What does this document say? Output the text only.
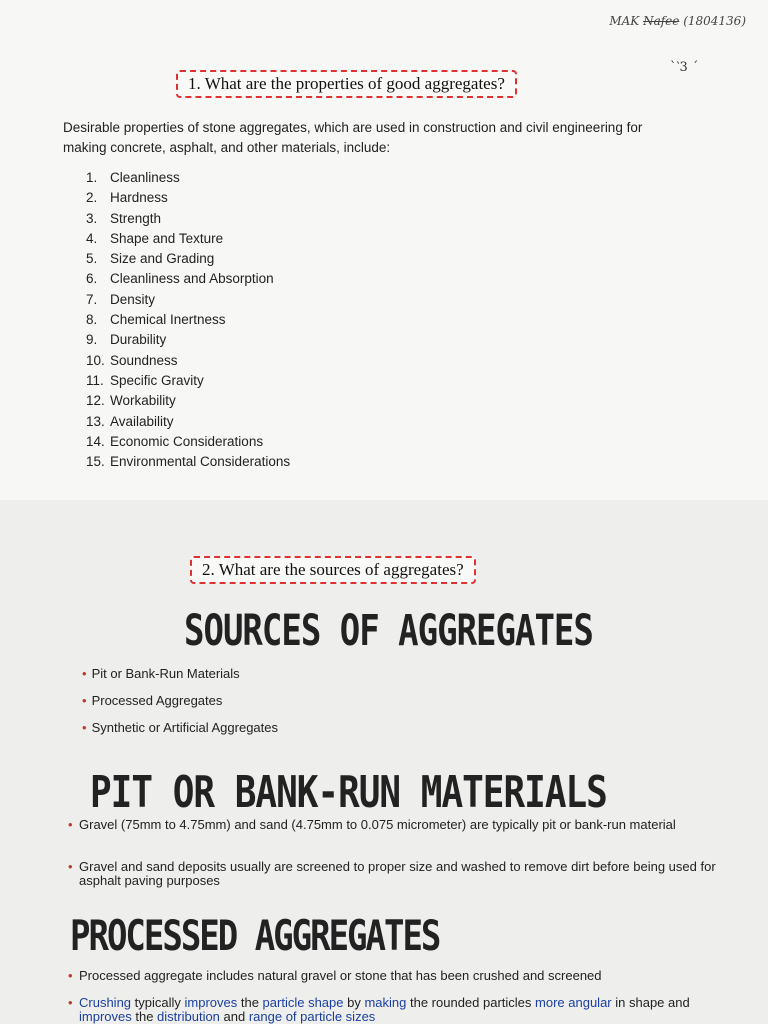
MAK Nafee (1804136)
`‵3 ´
1. What are the properties of good aggregates?
Desirable properties of stone aggregates, which are used in construction and civil engineering for making concrete, asphalt, and other materials, include:
1. Cleanliness
2. Hardness
3. Strength
4. Shape and Texture
5. Size and Grading
6. Cleanliness and Absorption
7. Density
8. Chemical Inertness
9. Durability
10. Soundness
11. Specific Gravity
12. Workability
13. Availability
14. Economic Considerations
15. Environmental Considerations
2. What are the sources of aggregates?
SOURCES OF AGGREGATES
• Pit or Bank-Run Materials
• Processed Aggregates
• Synthetic or Artificial Aggregates
PIT OR BANK-RUN MATERIALS
• Gravel (75mm to 4.75mm) and sand (4.75mm to 0.075 micrometer) are typically pit or bank-run material
• Gravel and sand deposits usually are screened to proper size and washed to remove dirt before being used for asphalt paving purposes
PROCESSED AGGREGATES
• Processed aggregate includes natural gravel or stone that has been crushed and screened
• Crushing typically improves the particle shape by making the rounded particles more angular in shape and improves the distribution and range of particle sizes
